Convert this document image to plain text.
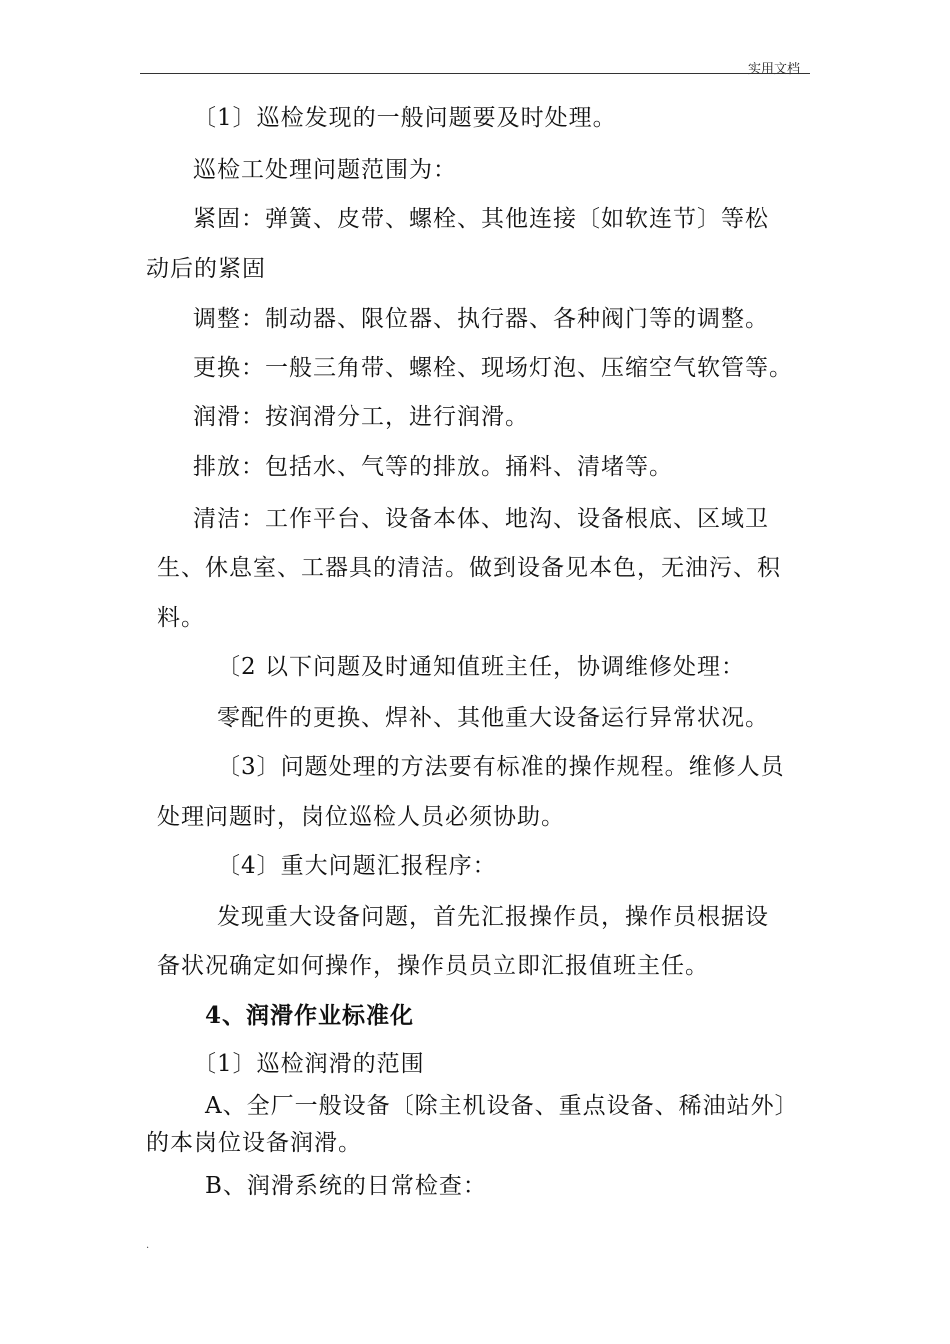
实用文档
〔1〕巡检发现的一般问题要及时处理。
巡检工处理问题范围为：
紧固：弹簧、皮带、螺栓、其他连接〔如软连节〕等松
动后的紧固
调整：制动器、限位器、执行器、各种阀门等的调整。
更换：一般三角带、螺栓、现场灯泡、压缩空气软管等。
润滑：按润滑分工，进行润滑。
排放：包括水、气等的排放。捅料、清堵等。
清洁：工作平台、设备本体、地沟、设备根底、区域卫
生、休息室、工器具的清洁。做到设备见本色，无油污、积
料。
〔2 以下问题及时通知值班主任，协调维修处理：
零配件的更换、焊补、其他重大设备运行异常状况。
〔3〕问题处理的方法要有标准的操作规程。维修人员
处理问题时，岗位巡检人员必须协助。
〔4〕重大问题汇报程序：
发现重大设备问题，首先汇报操作员，操作员根据设
备状况确定如何操作，操作员员立即汇报值班主任。
4、润滑作业标准化
〔1〕巡检润滑的范围
A、全厂一般设备〔除主机设备、重点设备、稀油站外〕
的本岗位设备润滑。
B、润滑系统的日常检查：
.
